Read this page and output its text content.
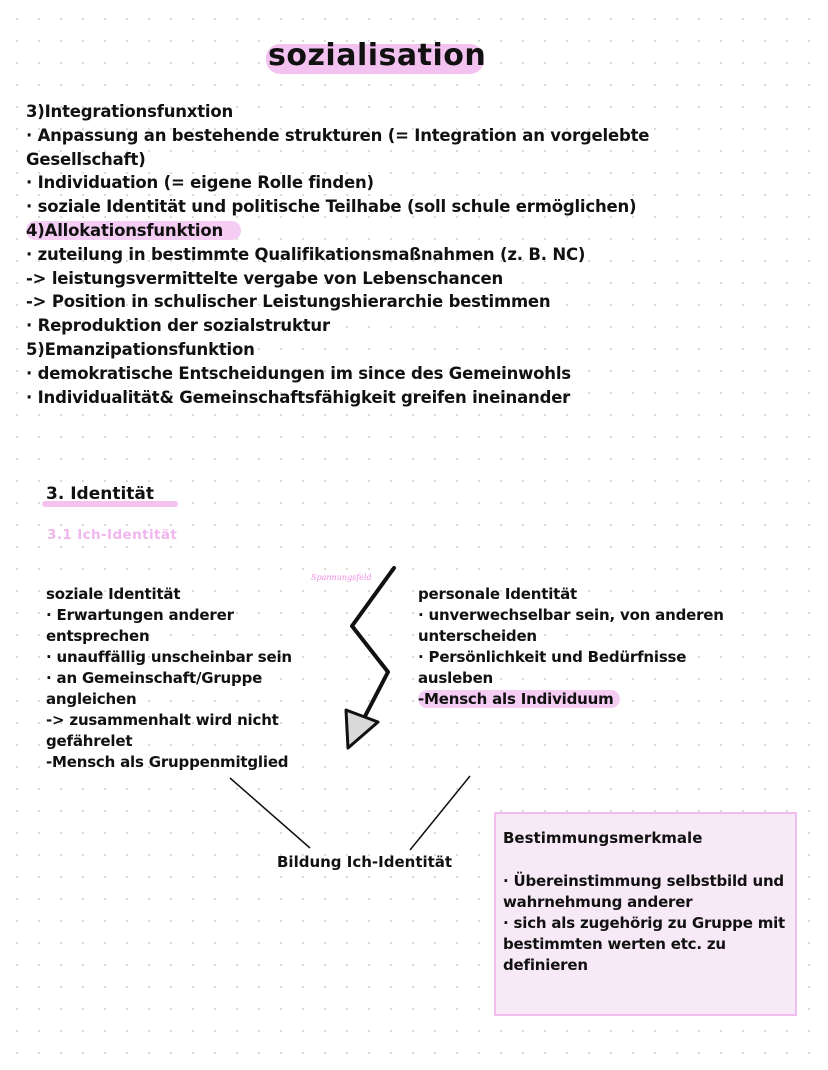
sozialisation
3)Integrationsfunxtion
· Anpassung an bestehende strukturen (= Integration an vorgelebte Gesellschaft)
· Individuation (= eigene Rolle finden)
· soziale Identität und politische Teilhabe (soll schule ermöglichen)
4)Allokationsfunktion
· zuteilung in bestimmte Qualifikationsmaßnahmen (z. B. NC)
-> leistungsvermittelte vergabe von Lebenschancen
-> Position in schulischer Leistungshierarchie bestimmen
· Reproduktion der sozialstruktur
5)Emanzipationsfunktion
· demokratische Entscheidungen im since des Gemeinwohls
· Individualität& Gemeinschaftsfähigkeit greifen ineinander
3. Identität
3.1 Ich-Identität
Spannungsfeld
soziale Identität
· Erwartungen anderer entsprechen
· unauffällig unscheinbar sein
· an Gemeinschaft/Gruppe angleichen
-> zusammenhalt wird nicht gefährelet
-Mensch als Gruppenmitglied
personale Identität
· unverwechselbar sein, von anderen unterscheiden
· Persönlichkeit und Bedürfnisse ausleben
-Mensch als Individuum
Bildung Ich-Identität
Bestimmungsmerkmale
· Übereinstimmung selbstbild und wahrnehmung anderer
· sich als zugehörig zu Gruppe mit bestimmten werten etc. zu definieren
